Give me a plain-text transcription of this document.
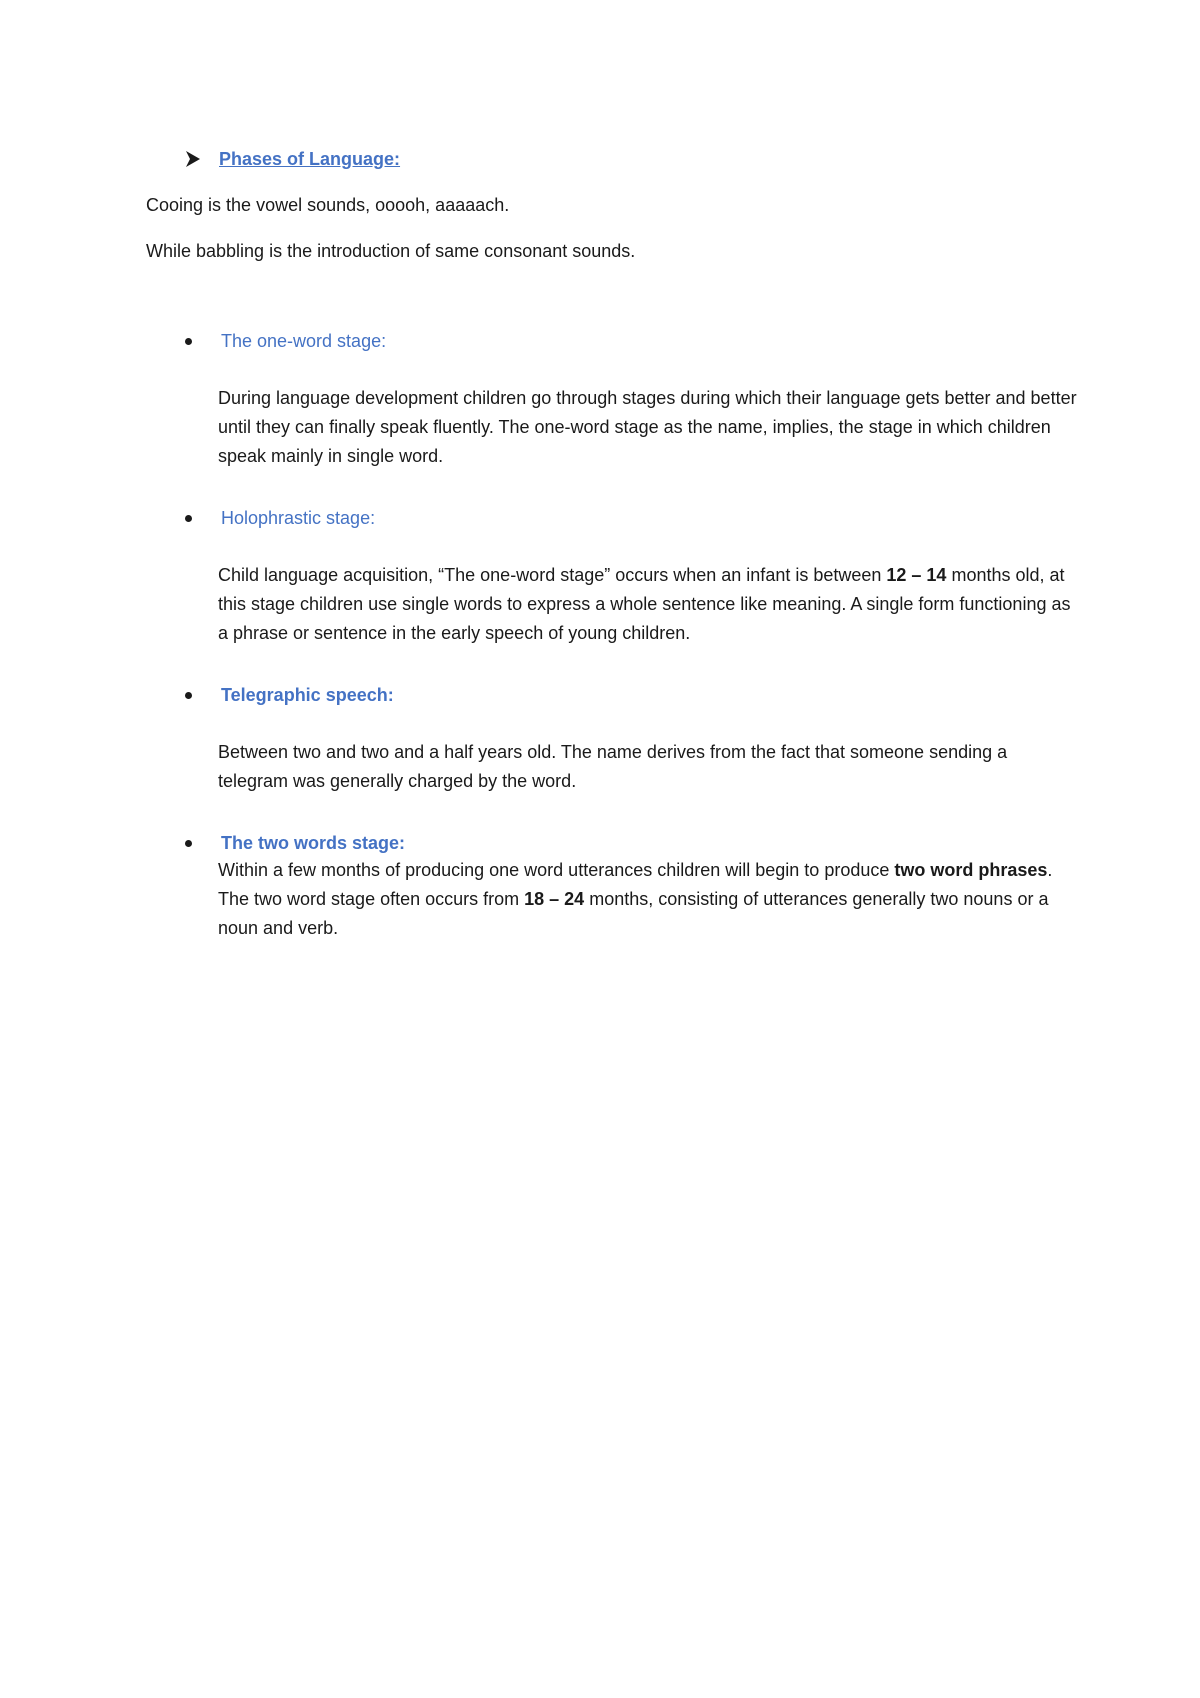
Phases of Language:
Cooing is the vowel sounds, ooooh, aaaaach.
While babbling is the introduction of same consonant sounds.
The one-word stage:
During language development children go through stages during which their language gets better and better until they can finally speak fluently. The one-word stage as the name, implies, the stage in which children speak mainly in single word.
Holophrastic stage:
Child language acquisition, “The one-word stage” occurs when an infant is between 12 – 14 months old, at this stage children use single words to express a whole sentence like meaning. A single form functioning as a phrase or sentence in the early speech of young children.
Telegraphic speech:
Between two and two and a half years old. The name derives from the fact that someone sending a telegram was generally charged by the word.
The two words stage:
Within a few months of producing one word utterances children will begin to produce two word phrases. The two word stage often occurs from 18 – 24 months, consisting of utterances generally two nouns or a noun and verb.
